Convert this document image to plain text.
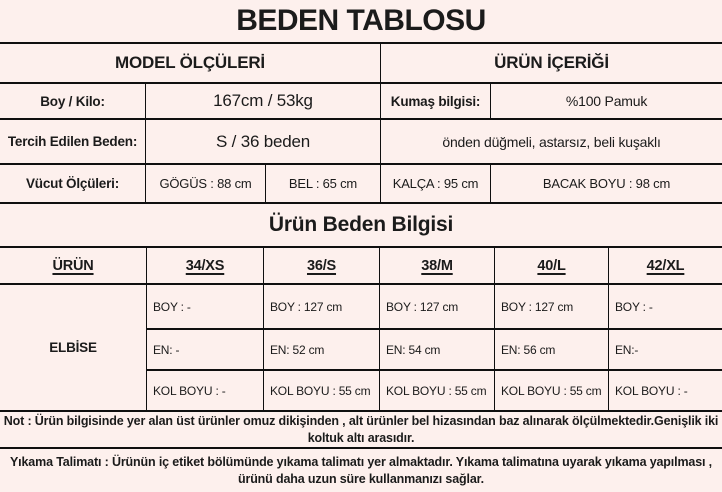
BEDEN TABLOSU
MODEL ÖLÇÜLERİ	ÜRÜN İÇERİĞİ
Boy / Kilo:	167cm / 53kg	Kumaş bilgisi:	%100 Pamuk
Tercih Edilen Beden:	S / 36 beden	önden düğmeli, astarsız, beli kuşaklı
Vücut Ölçüleri:	GÖGÜS : 88 cm	BEL : 65 cm	KALÇA : 95 cm	BACAK BOYU : 98 cm
Ürün Beden Bilgisi
ÜRÜN	34/XS	36/S	38/M	40/L	42/XL
ELBİSE
BOY : -	BOY : 127 cm	BOY : 127 cm	BOY : 127 cm	BOY : -
EN: -	EN: 52 cm	EN: 54 cm	EN: 56 cm	EN:-
KOL BOYU : -	KOL BOYU : 55 cm	KOL BOYU : 55 cm	KOL BOYU : 55 cm	KOL BOYU : -

Not : Ürün bilgisinde yer alan üst ürünler omuz dikişinden , alt ürünler bel hizasından baz alınarak ölçülmektedir.Genişlik iki koltuk altı arasıdır.

Yıkama Talimatı : Ürünün iç etiket bölümünde yıkama talimatı yer almaktadır. Yıkama talimatına uyarak yıkama yapılması , ürünü daha uzun süre kullanmanızı sağlar.
